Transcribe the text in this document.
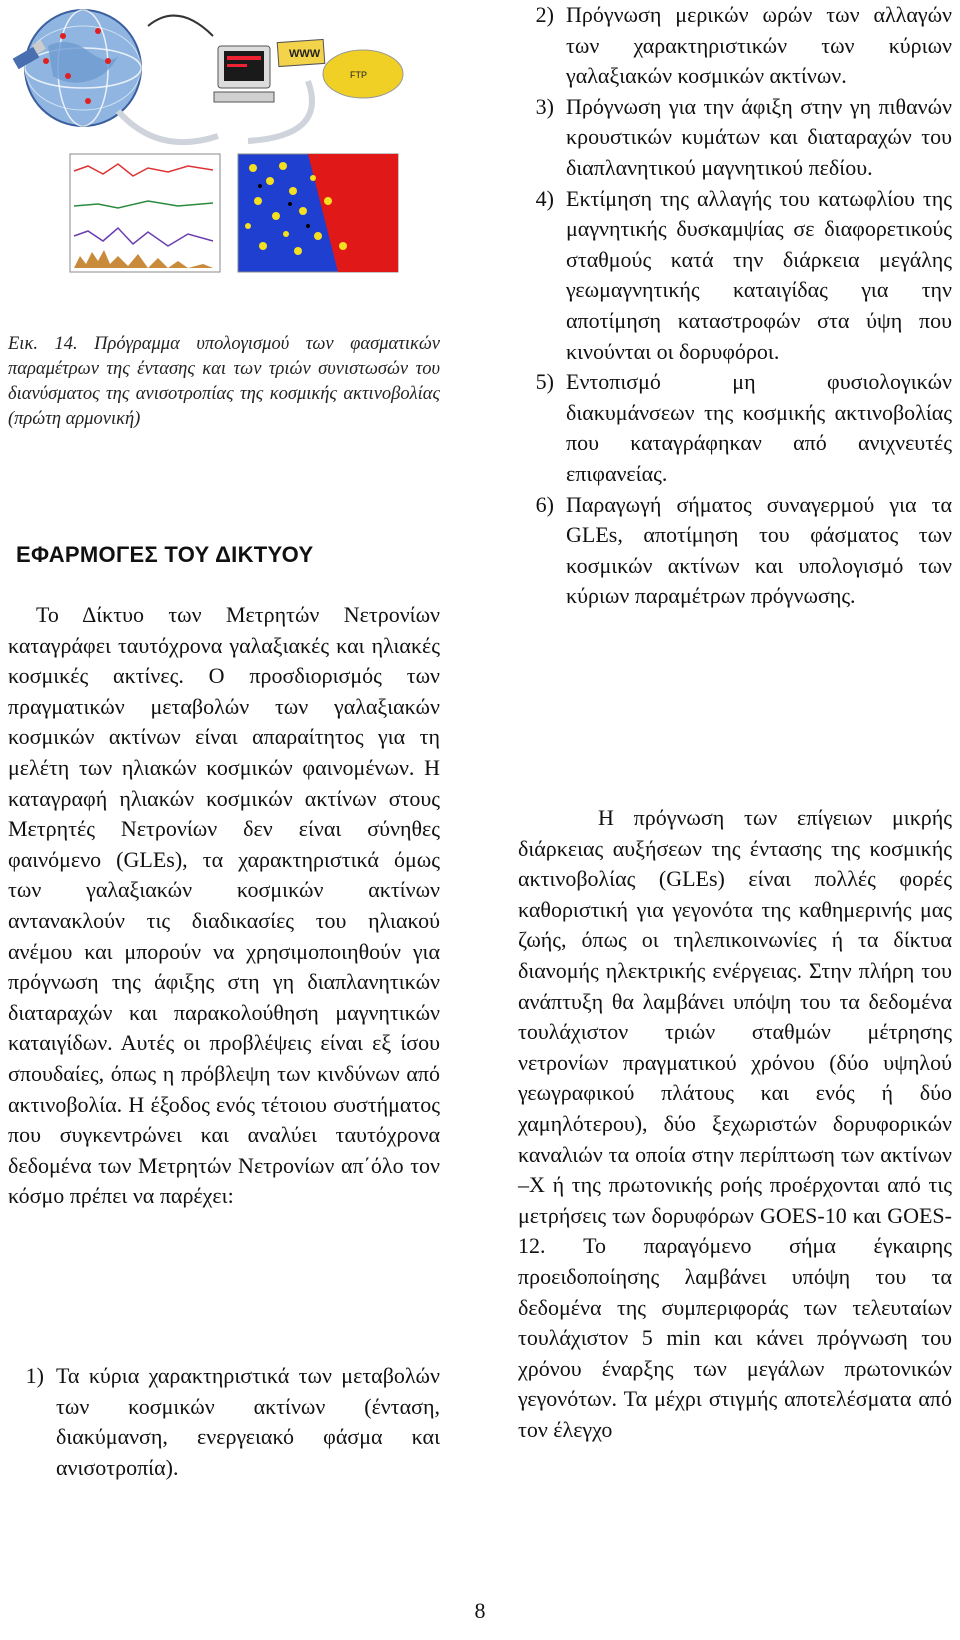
WWW
FTP
Εικ. 14. Πρόγραμμα υπολογισμού των φασματικών παραμέτρων της έντασης και των τριών συνιστωσών του διανύσματος της ανισοτροπίας της κοσμικής ακτινοβολίας (πρώτη αρμονική)
ΕΦΑΡΜΟΓΕΣ ΤΟΥ ΔΙΚΤΥΟΥ

Το Δίκτυο των Μετρητών Νετρονίων καταγράφει ταυτόχρονα γαλαξιακές και ηλιακές κοσμικές ακτίνες. Ο προσδιορισμός των πραγματικών μεταβολών των γαλαξιακών κοσμικών ακτίνων είναι απαραίτητος για τη μελέτη των ηλιακών κοσμικών φαινομένων. Η καταγραφή ηλιακών κοσμικών ακτίνων στους Μετρητές Νετρονίων δεν είναι σύνηθες φαινόμενο (GLEs), τα χαρακτηριστικά όμως των γαλαξιακών κοσμικών ακτίνων αντανακλούν τις διαδικασίες του ηλιακού ανέμου και μπορούν να χρησιμοποιηθούν για πρόγνωση της άφιξης στη γη διαπλανητικών διαταραχών και παρακολούθηση μαγνητικών καταιγίδων. Αυτές οι προβλέψεις είναι εξ ίσου σπουδαίες, όπως η πρόβλεψη των κινδύνων από ακτινοβολία. Η έξοδος ενός τέτοιου συστήματος που συγκεντρώνει και αναλύει ταυτόχρονα δεδομένα των Μετρητών Νετρονίων απ΄όλο τον κόσμο πρέπει να παρέχει:

1) Τα κύρια χαρακτηριστικά των μεταβολών των κοσμικών ακτίνων (ένταση, διακύμανση, ενεργειακό φάσμα και ανισοτροπία).
2) Πρόγνωση μερικών ωρών των αλλαγών των χαρακτηριστικών των κύριων γαλαξιακών κοσμικών ακτίνων.
3) Πρόγνωση για την άφιξη στην γη πιθανών κρουστικών κυμάτων και διαταραχών του διαπλανητικού μαγνητικού πεδίου.
4) Εκτίμηση της αλλαγής του κατωφλίου της μαγνητικής δυσκαμψίας σε διαφορετικούς σταθμούς κατά την διάρκεια μεγάλης γεωμαγνητικής καταιγίδας για την αποτίμηση καταστροφών στα ύψη που κινούνται οι δορυφόροι.
5) Εντοπισμό μη φυσιολογικών διακυμάνσεων της κοσμικής ακτινοβολίας που καταγράφηκαν από ανιχνευτές επιφανείας.
6) Παραγωγή σήματος συναγερμού για τα GLEs, αποτίμηση του φάσματος των κοσμικών ακτίνων και υπολογισμό των κύριων παραμέτρων πρόγνωσης.

Η πρόγνωση των επίγειων μικρής διάρκειας αυξήσεων της έντασης της κοσμικής ακτινοβολίας (GLEs) είναι πολλές φορές καθοριστική για γεγονότα της καθημερινής μας ζωής, όπως οι τηλεπικοινωνίες ή τα δίκτυα διανομής ηλεκτρικής ενέργειας. Στην πλήρη του ανάπτυξη θα λαμβάνει υπόψη του τα δεδομένα τουλάχιστον τριών σταθμών μέτρησης νετρονίων πραγματικού χρόνου (δύο υψηλού γεωγραφικού πλάτους και ενός ή δύο χαμηλότερου), δύο ξεχωριστών δορυφορικών καναλιών τα οποία στην περίπτωση των ακτίνων –Χ ή της πρωτονικής ροής προέρχονται από τις μετρήσεις των δορυφόρων GOES-10 και GOES-12. Το παραγόμενο σήμα έγκαιρης προειδοποίησης λαμβάνει υπόψη του τα δεδομένα της συμπεριφοράς των τελευταίων τουλάχιστον 5 min και κάνει πρόγνωση του χρόνου έναρξης των μεγάλων πρωτονικών γεγονότων. Τα μέχρι στιγμής αποτελέσματα από τον έλεγχο

8
